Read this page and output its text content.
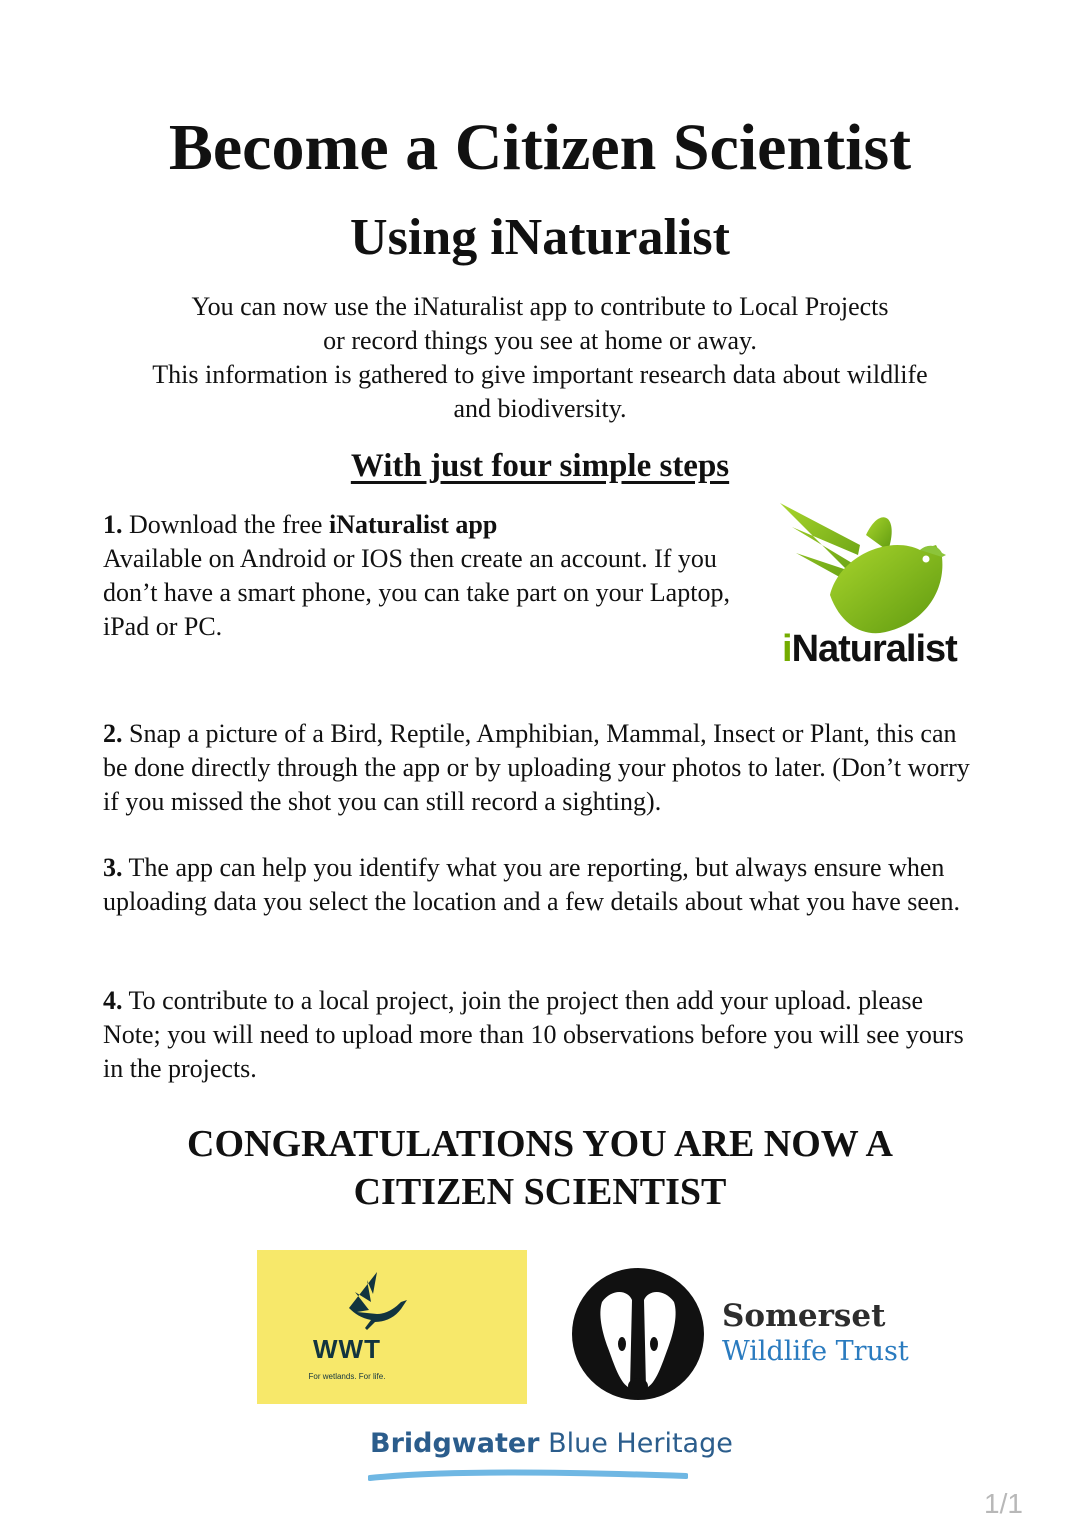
Become a Citizen Scientist
Using iNaturalist
You can now use the iNaturalist app to contribute to Local Projects
or record things you see at home or away.
This information is gathered to give important research data about wildlife
and biodiversity.
With just four simple steps
1. Download the free iNaturalist app
Available on Android or IOS then create an account. If you don’t have a smart phone, you can take part on your Laptop, iPad or PC.
iNaturalist
2. Snap a picture of a Bird, Reptile, Amphibian, Mammal, Insect or Plant, this can be done directly through the app or by uploading your photos to later. (Don’t worry if you missed the shot you can still record a sighting).
3. The app can help you identify what you are reporting, but always ensure when uploading data you select the location and a few details about what you have seen.
4. To contribute to a local project, join the project then add your upload. please Note; you will need to upload more than 10 observations before you will see yours in the projects.
CONGRATULATIONS YOU ARE NOW A
CITIZEN SCIENTIST
WWT
For wetlands. For life.
Somerset
Wildlife Trust
Bridgwater Blue Heritage
1/1
